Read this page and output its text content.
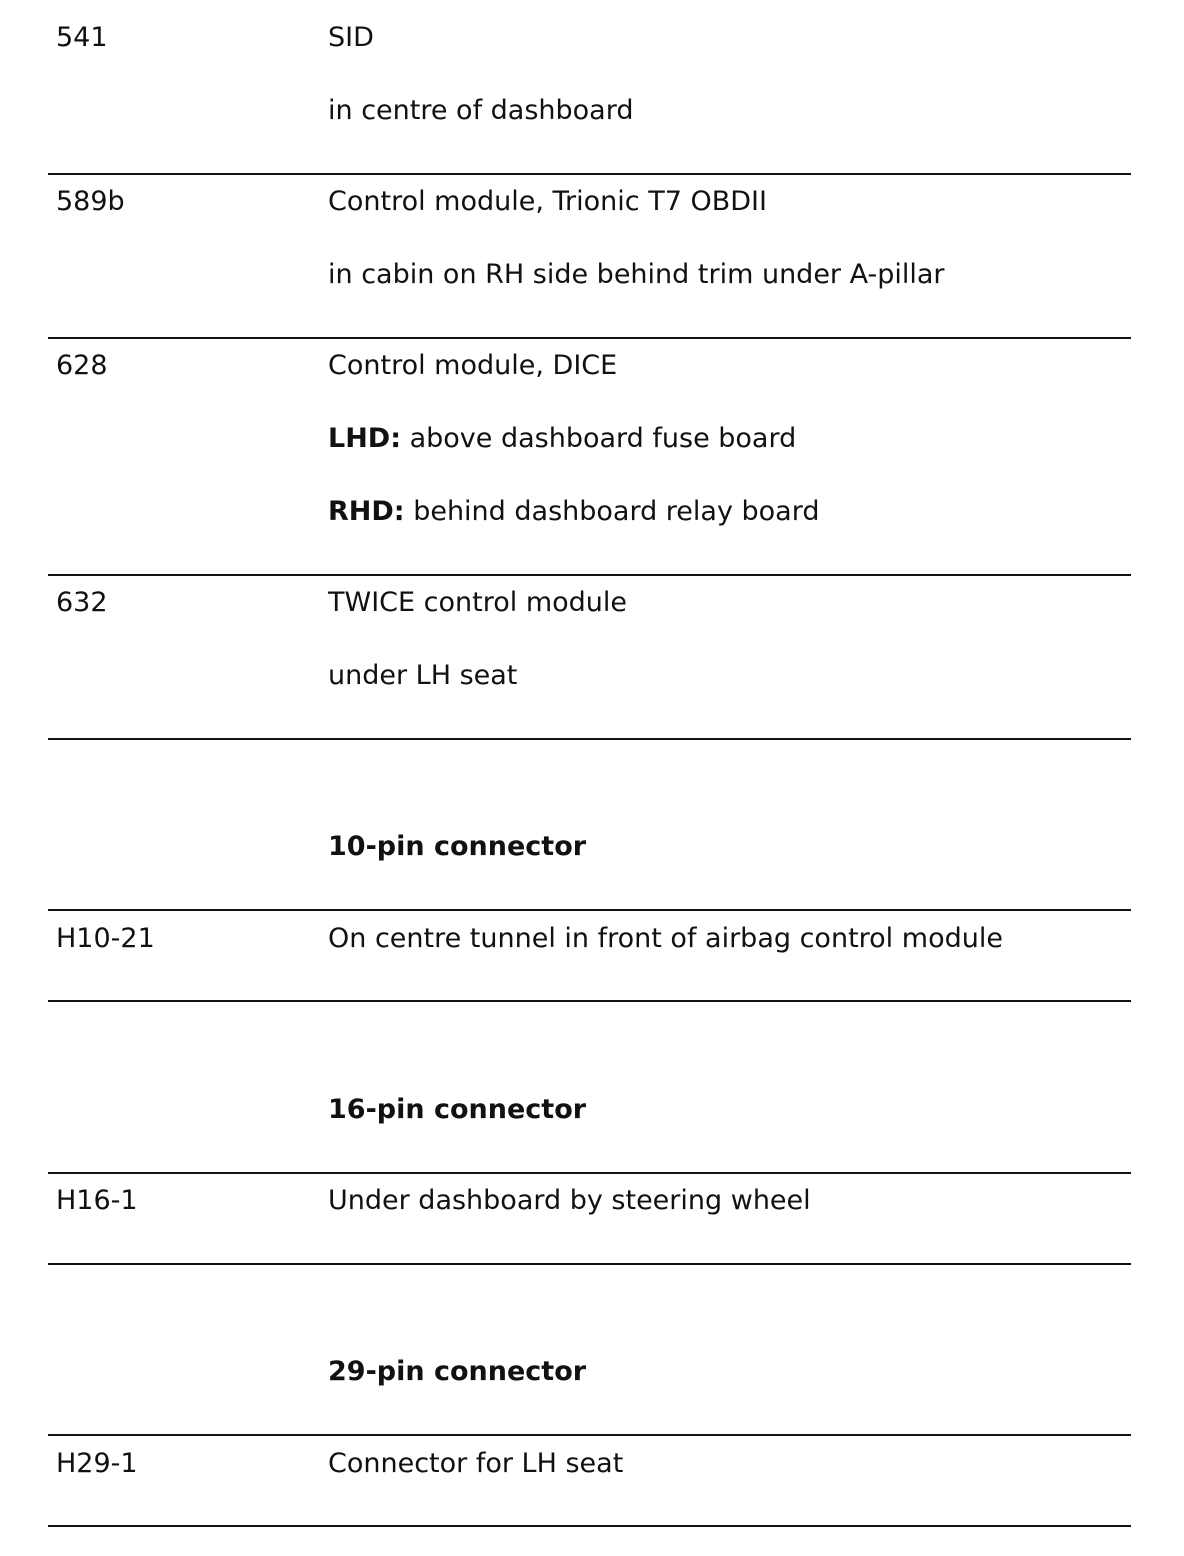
541	SID
in centre of dashboard
589b	Control module, Trionic T7 OBDII
in cabin on RH side behind trim under A-pillar
628	Control module, DICE
LHD: above dashboard fuse board
RHD: behind dashboard relay board
632	TWICE control module
under LH seat
10-pin connector
H10-21	On centre tunnel in front of airbag control module
16-pin connector
H16-1	Under dashboard by steering wheel
29-pin connector
H29-1	Connector for LH seat
